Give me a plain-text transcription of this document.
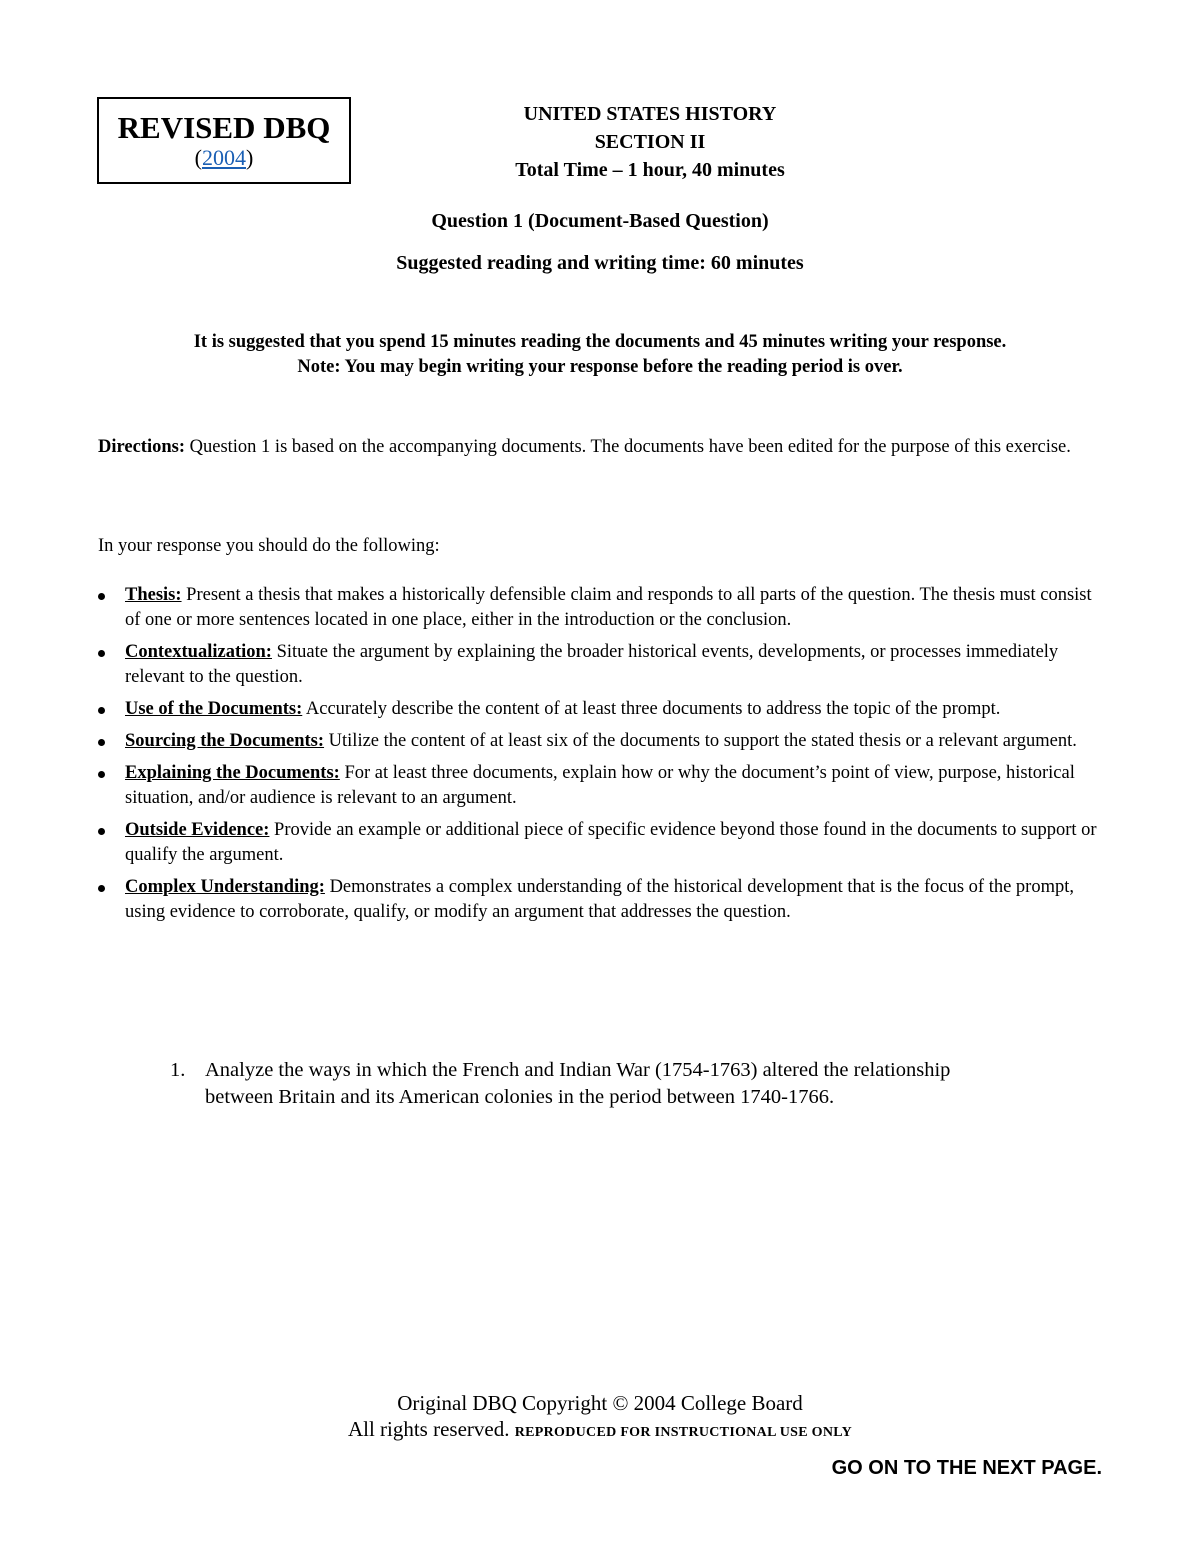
REVISED DBQ
(2004)
UNITED STATES HISTORY
SECTION II
Total Time – 1 hour, 40 minutes
Question 1 (Document-Based Question)
Suggested reading and writing time: 60 minutes
It is suggested that you spend 15 minutes reading the documents and 45 minutes writing your response.
Note: You may begin writing your response before the reading period is over.
Directions: Question 1 is based on the accompanying documents. The documents have been edited for the purpose of this exercise.
In your response you should do the following:
Thesis: Present a thesis that makes a historically defensible claim and responds to all parts of the question. The thesis must consist of one or more sentences located in one place, either in the introduction or the conclusion.
Contextualization: Situate the argument by explaining the broader historical events, developments, or processes immediately relevant to the question.
Use of the Documents: Accurately describe the content of at least three documents to address the topic of the prompt.
Sourcing the Documents: Utilize the content of at least six of the documents to support the stated thesis or a relevant argument.
Explaining the Documents: For at least three documents, explain how or why the document’s point of view, purpose, historical situation, and/or audience is relevant to an argument.
Outside Evidence: Provide an example or additional piece of specific evidence beyond those found in the documents to support or qualify the argument.
Complex Understanding: Demonstrates a complex understanding of the historical development that is the focus of the prompt, using evidence to corroborate, qualify, or modify an argument that addresses the question.
1. Analyze the ways in which the French and Indian War (1754-1763) altered the relationship between Britain and its American colonies in the period between 1740-1766.
Original DBQ Copyright © 2004 College Board
All rights reserved. REPRODUCED FOR INSTRUCTIONAL USE ONLY
GO ON TO THE NEXT PAGE.
